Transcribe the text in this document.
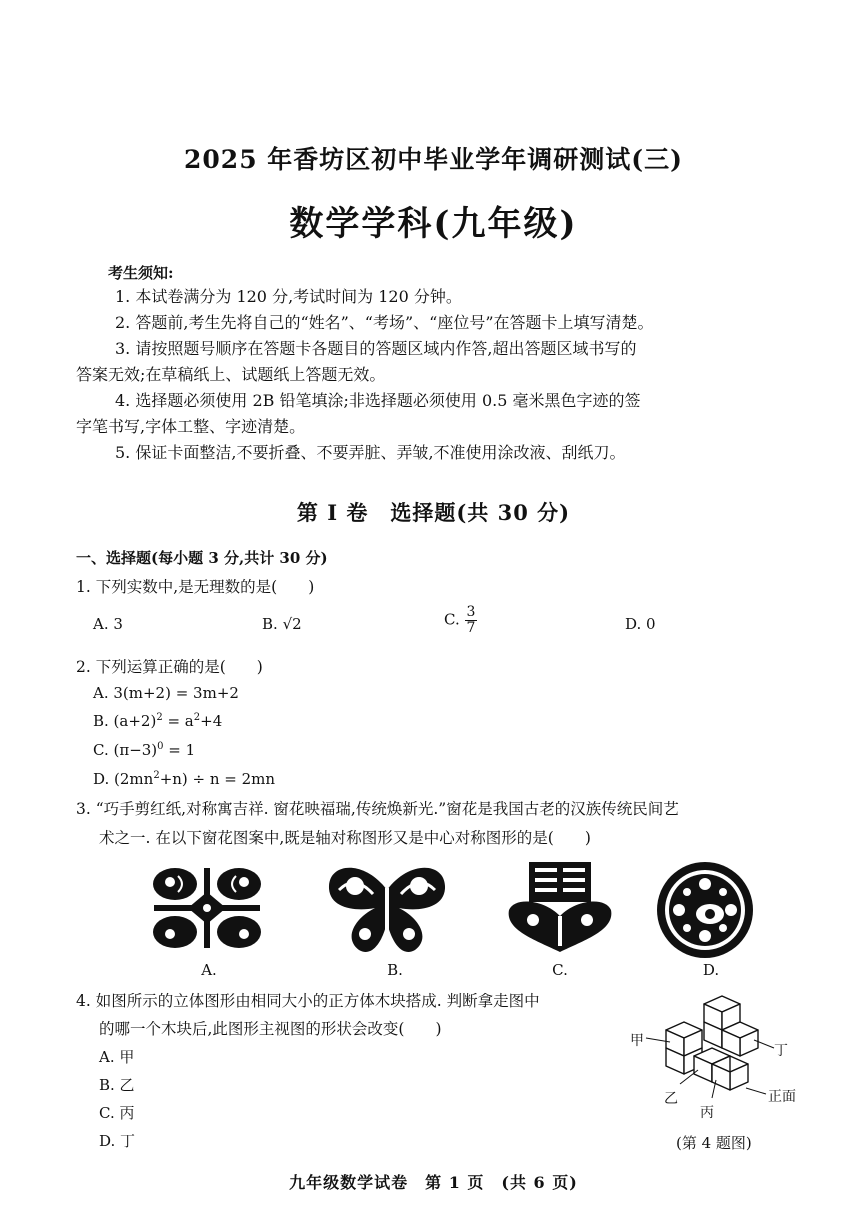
2025 年香坊区初中毕业学年调研测试(三)
数学学科(九年级)
考生须知:
1. 本试卷满分为 120 分,考试时间为 120 分钟。
2. 答题前,考生先将自己的“姓名”、“考场”、“座位号”在答题卡上填写清楚。
3. 请按照题号顺序在答题卡各题目的答题区域内作答,超出答题区域书写的
答案无效;在草稿纸上、试题纸上答题无效。
4. 选择题必须使用 2B 铅笔填涂;非选择题必须使用 0.5 毫米黑色字迹的签
字笔书写,字体工整、字迹清楚。
5. 保证卡面整洁,不要折叠、不要弄脏、弄皱,不准使用涂改液、刮纸刀。
第 I 卷　选择题(共 30 分)
一、选择题(每小题 3 分,共计 30 分)
1. 下列实数中,是无理数的是(　　)
A. 3	B. √2	C. $\frac{3}{7}$	D. 0
2. 下列运算正确的是(　　)
A. 3(m+2) = 3m+2
B. $(a+2)^2 = a^2+4$
C. $(\pi-3)^0 = 1$
D. $(2mn^2+n) \div n = 2mn$
3. “巧手剪红纸,对称寓吉祥. 窗花映福瑞,传统焕新光.”窗花是我国古老的汉族传统民间艺
术之一. 在以下窗花图案中,既是轴对称图形又是中心对称图形的是(　　)
A.	B.	C.	D.
4. 如图所示的立体图形由相同大小的正方体木块搭成. 判断拿走图中
的哪一个木块后,此图形主视图的形状会改变(　　)
A. 甲
B. 乙
C. 丙
D. 丁
甲
丁
乙
丙
正面
(第 4 题图)
九年级数学试卷　第 1 页　(共 6 页)
